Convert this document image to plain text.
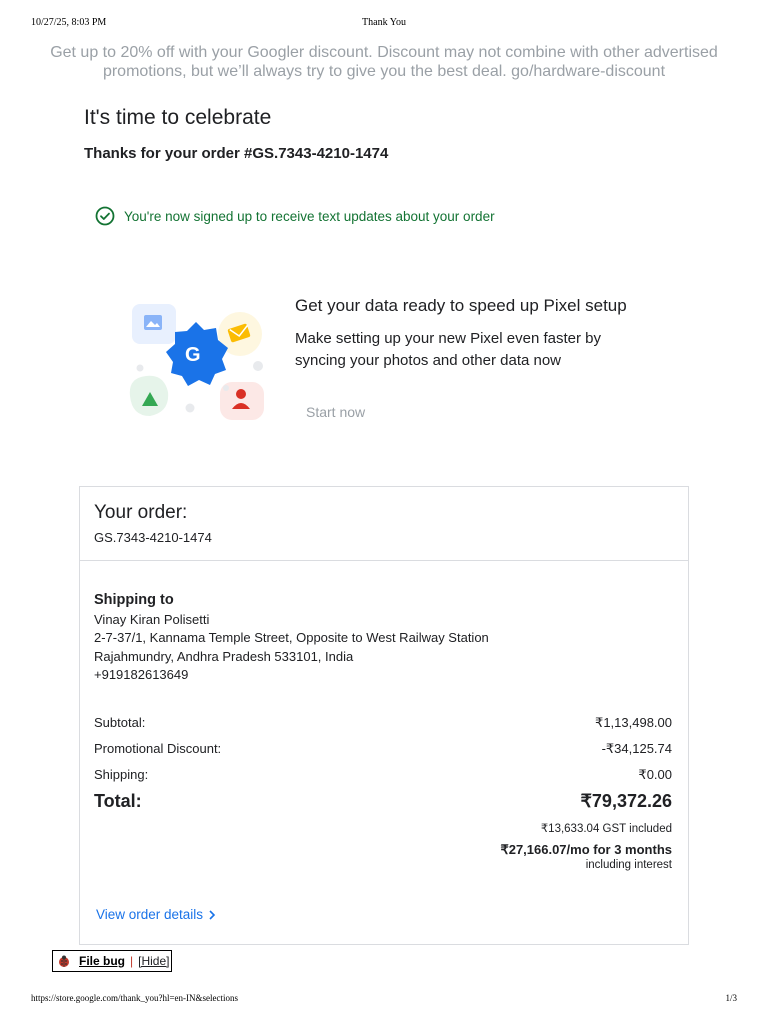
10/27/25, 8:03 PM	Thank You
Get up to 20% off with your Googler discount. Discount may not combine with other advertised promotions, but we’ll always try to give you the best deal. go/hardware-discount
It's time to celebrate
Thanks for your order #GS.7343-4210-1474
You're now signed up to receive text updates about your order
Get your data ready to speed up Pixel setup
Make setting up your new Pixel even faster by syncing your photos and other data now
Start now
G
Your order:
GS.7343-4210-1474
Shipping to
Vinay Kiran Polisetti
2-7-37/1, Kannama Temple Street, Opposite to West Railway Station
Rajahmundry, Andhra Pradesh 533101, India
+919182613649
Subtotal:	₹1,13,498.00
Promotional Discount:	-₹34,125.74
Shipping:	₹0.00
Total:	₹79,372.26
₹13,633.04 GST included
₹27,166.07/mo for 3 months
including interest
View order details
File bug | [Hide]
https://store.google.com/thank_you?hl=en-IN&selections	1/3
